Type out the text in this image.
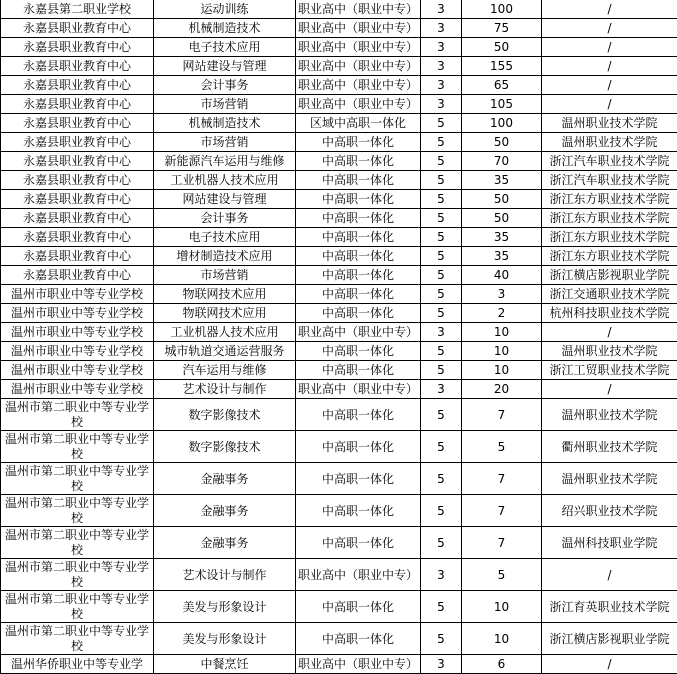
永嘉县第二职业学校	运动训练	职业高中（职业中专）	3	100	/
永嘉县职业教育中心	机械制造技术	职业高中（职业中专）	3	75	/
永嘉县职业教育中心	电子技术应用	职业高中（职业中专）	3	50	/
永嘉县职业教育中心	网站建设与管理	职业高中（职业中专）	3	155	/
永嘉县职业教育中心	会计事务	职业高中（职业中专）	3	65	/
永嘉县职业教育中心	市场营销	职业高中（职业中专）	3	105	/
永嘉县职业教育中心	机械制造技术	区域中高职一体化	5	100	温州职业技术学院
永嘉县职业教育中心	市场营销	中高职一体化	5	50	温州职业技术学院
永嘉县职业教育中心	新能源汽车运用与维修	中高职一体化	5	70	浙江汽车职业技术学院
永嘉县职业教育中心	工业机器人技术应用	中高职一体化	5	35	浙江汽车职业技术学院
永嘉县职业教育中心	网站建设与管理	中高职一体化	5	50	浙江东方职业技术学院
永嘉县职业教育中心	会计事务	中高职一体化	5	50	浙江东方职业技术学院
永嘉县职业教育中心	电子技术应用	中高职一体化	5	35	浙江东方职业技术学院
永嘉县职业教育中心	增材制造技术应用	中高职一体化	5	35	浙江东方职业技术学院
永嘉县职业教育中心	市场营销	中高职一体化	5	40	浙江横店影视职业学院
温州市职业中等专业学校	物联网技术应用	中高职一体化	5	3	浙江交通职业技术学院
温州市职业中等专业学校	物联网技术应用	中高职一体化	5	2	杭州科技职业技术学院
温州市职业中等专业学校	工业机器人技术应用	职业高中（职业中专）	3	10	/
温州市职业中等专业学校	城市轨道交通运营服务	中高职一体化	5	10	温州职业技术学院
温州市职业中等专业学校	汽车运用与维修	中高职一体化	5	10	浙江工贸职业技术学院
温州市职业中等专业学校	艺术设计与制作	职业高中（职业中专）	3	20	/
温州市第二职业中等专业学校	数字影像技术	中高职一体化	5	7	温州职业技术学院
温州市第二职业中等专业学校	数字影像技术	中高职一体化	5	5	衢州职业技术学院
温州市第二职业中等专业学校	金融事务	中高职一体化	5	7	温州职业技术学院
温州市第二职业中等专业学校	金融事务	中高职一体化	5	7	绍兴职业技术学院
温州市第二职业中等专业学校	金融事务	中高职一体化	5	7	温州科技职业学院
温州市第二职业中等专业学校	艺术设计与制作	职业高中（职业中专）	3	5	/
温州市第二职业中等专业学校	美发与形象设计	中高职一体化	5	10	浙江育英职业技术学院
温州市第二职业中等专业学校	美发与形象设计	中高职一体化	5	10	浙江横店影视职业学院
温州华侨职业中等专业学	中餐烹饪	职业高中（职业中专）	3	6	/
